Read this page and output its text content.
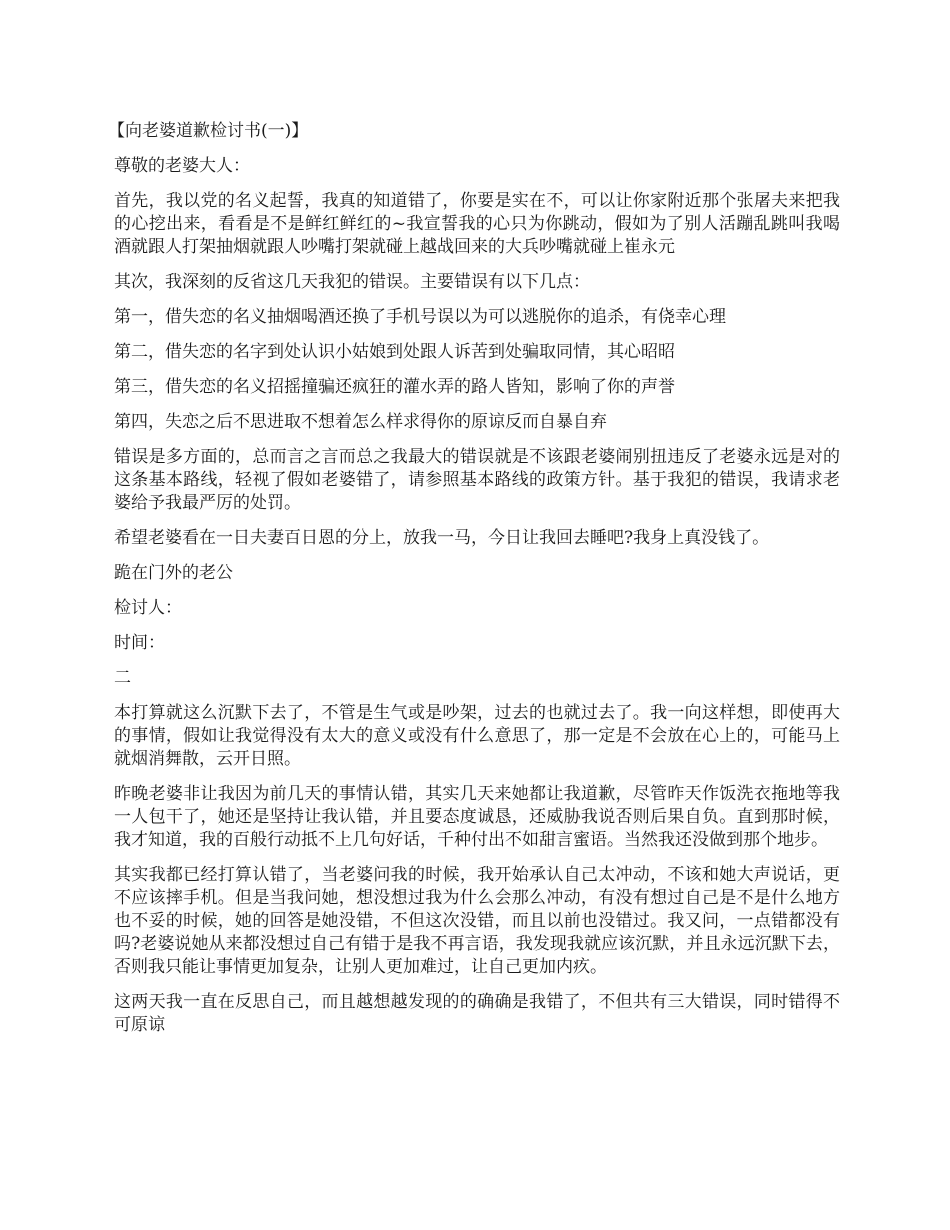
【向老婆道歉检讨书(一)】

尊敬的老婆大人：

首先，我以党的名义起誓，我真的知道错了，你要是实在不，可以让你家附近那个张屠夫来把我的心挖出来，看看是不是鲜红鲜红的~我宣誓我的心只为你跳动，假如为了别人活蹦乱跳叫我喝酒就跟人打架抽烟就跟人吵嘴打架就碰上越战回来的大兵吵嘴就碰上崔永元

其次，我深刻的反省这几天我犯的错误。主要错误有以下几点：

第一，借失恋的名义抽烟喝酒还换了手机号误以为可以逃脱你的追杀，有侥幸心理

第二，借失恋的名字到处认识小姑娘到处跟人诉苦到处骗取同情，其心昭昭

第三，借失恋的名义招摇撞骗还疯狂的灌水弄的路人皆知，影响了你的声誉

第四，失恋之后不思进取不想着怎么样求得你的原谅反而自暴自弃

错误是多方面的，总而言之言而总之我最大的错误就是不该跟老婆闹别扭违反了老婆永远是对的这条基本路线，轻视了假如老婆错了，请参照基本路线的政策方针。基于我犯的错误，我请求老婆给予我最严厉的处罚。

希望老婆看在一日夫妻百日恩的分上，放我一马，今日让我回去睡吧?我身上真没钱了。

跪在门外的老公

检讨人：

时间：

二

本打算就这么沉默下去了，不管是生气或是吵架，过去的也就过去了。我一向这样想，即使再大的事情，假如让我觉得没有太大的意义或没有什么意思了，那一定是不会放在心上的，可能马上就烟消舞散，云开日照。

昨晚老婆非让我因为前几天的事情认错，其实几天来她都让我道歉，尽管昨天作饭洗衣拖地等我一人包干了，她还是坚持让我认错，并且要态度诚恳，还威胁我说否则后果自负。直到那时候，我才知道，我的百般行动抵不上几句好话，千种付出不如甜言蜜语。当然我还没做到那个地步。

其实我都已经打算认错了，当老婆问我的时候，我开始承认自己太冲动，不该和她大声说话，更不应该摔手机。但是当我问她，想没想过我为什么会那么冲动，有没有想过自己是不是什么地方也不妥的时候，她的回答是她没错，不但这次没错，而且以前也没错过。我又问，一点错都没有吗?老婆说她从来都没想过自己有错于是我不再言语，我发现我就应该沉默，并且永远沉默下去，否则我只能让事情更加复杂，让别人更加难过，让自己更加内疚。

这两天我一直在反思自己，而且越想越发现的的确确是我错了，不但共有三大错误，同时错得不可原谅
